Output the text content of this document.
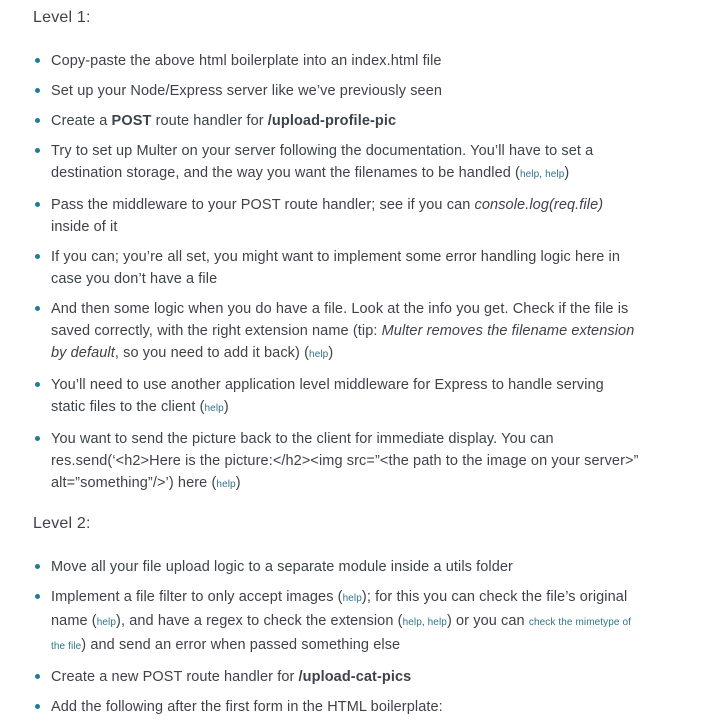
Level 1:
Copy-paste the above html boilerplate into an index.html file
Set up your Node/Express server like we’ve previously seen
Create a POST route handler for /upload-profile-pic
Try to set up Multer on your server following the documentation. You’ll have to set a destination storage, and the way you want the filenames to be handled (help, help)
Pass the middleware to your POST route handler; see if you can console.log(req.file) inside of it
If you can; you’re all set, you might want to implement some error handling logic here in case you don’t have a file
And then some logic when you do have a file. Look at the info you get. Check if the file is saved correctly, with the right extension name (tip: Multer removes the filename extension by default, so you need to add it back) (help)
You’ll need to use another application level middleware for Express to handle serving static files to the client (help)
You want to send the picture back to the client for immediate display. You can res.send(‘<h2>Here is the picture:</h2><img src=”<the path to the image on your server>” alt=”something”/>’) here (help)
Level 2:
Move all your file upload logic to a separate module inside a utils folder
Implement a file filter to only accept images (help); for this you can check the file’s original name (help), and have a regex to check the extension (help, help) or you can check the mimetype of the file) and send an error when passed something else
Create a new POST route handler for /upload-cat-pics
Add the following after the first form in the HTML boilerplate:
